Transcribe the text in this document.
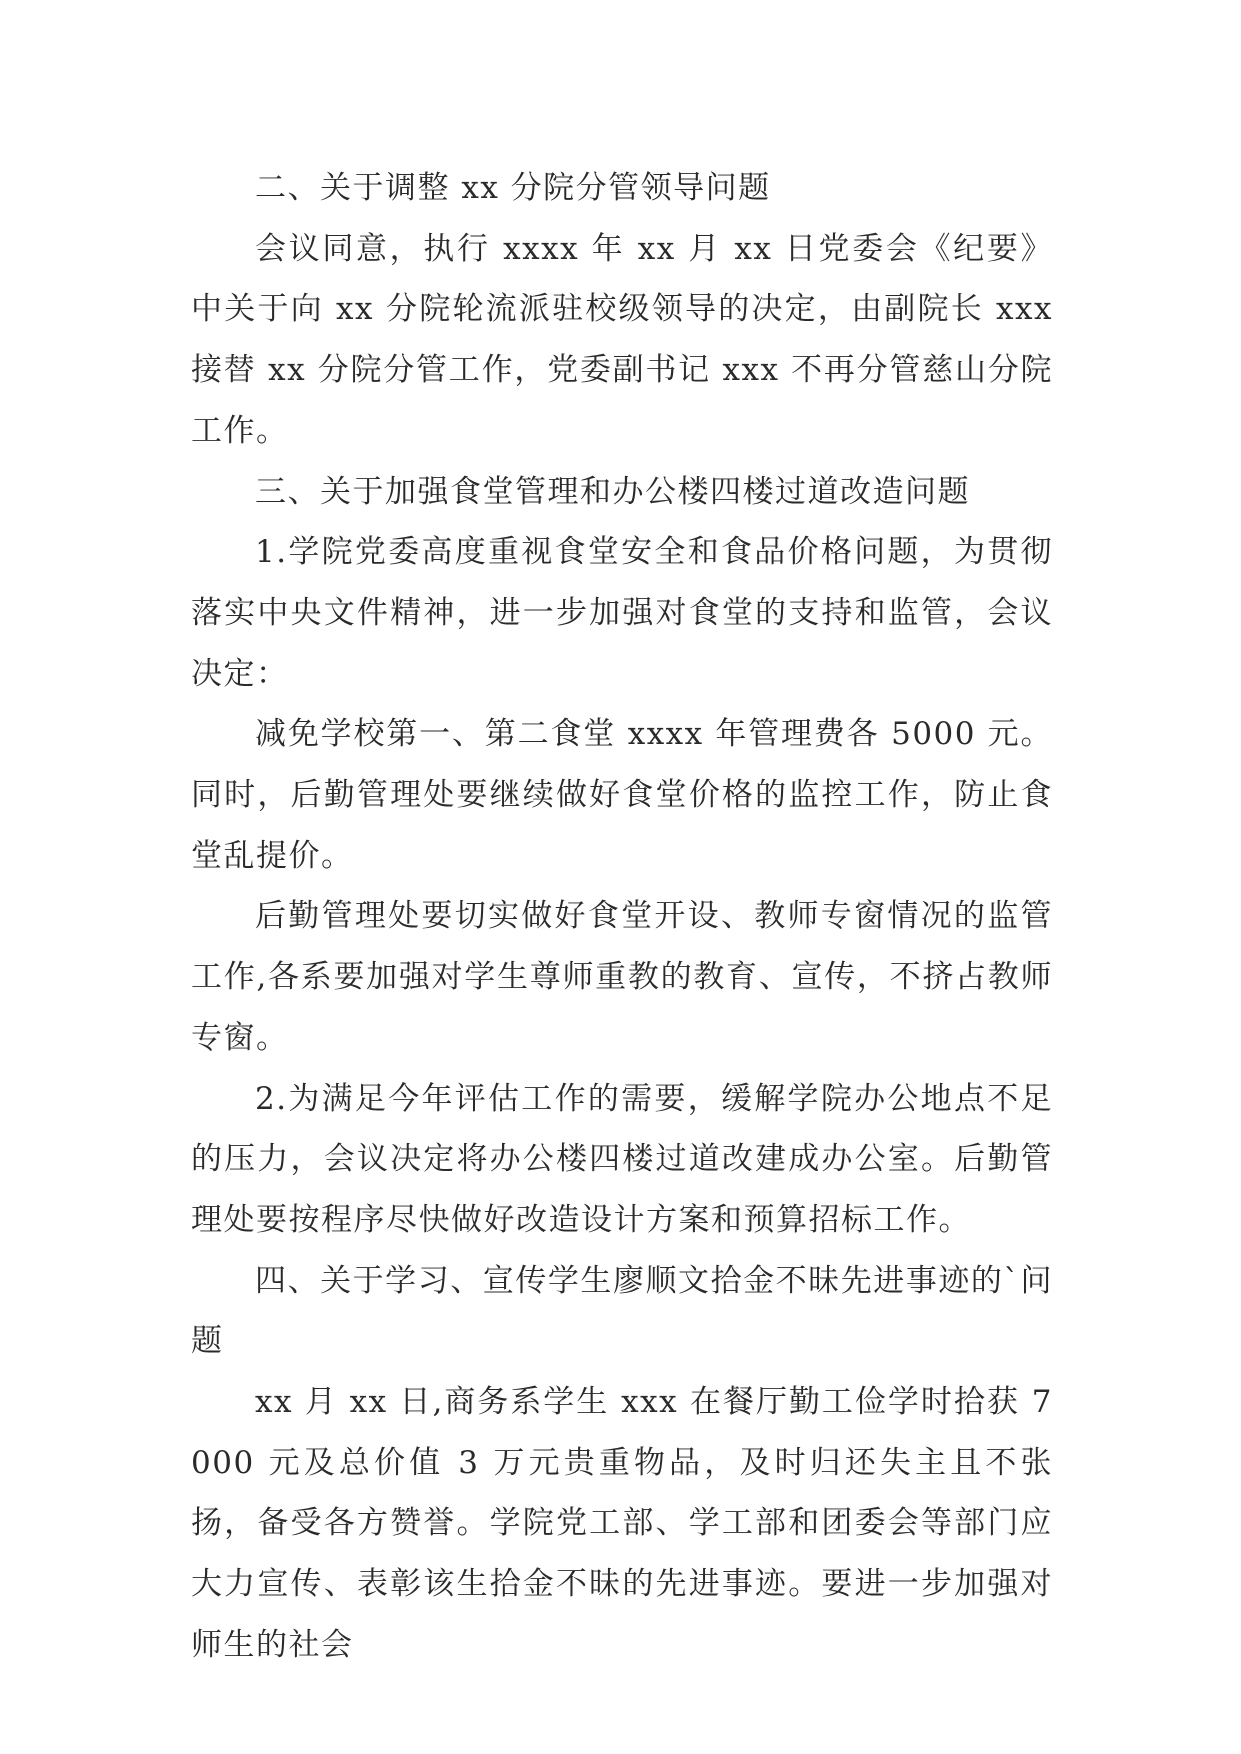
二、关于调整 xx 分院分管领导问题

会议同意，执行 xxxx 年 xx 月 xx 日党委会《纪要》中关于向 xx 分院轮流派驻校级领导的决定，由副院长 xxx 接替 xx 分院分管工作，党委副书记 xxx 不再分管慈山分院工作。

三、关于加强食堂管理和办公楼四楼过道改造问题

1.学院党委高度重视食堂安全和食品价格问题，为贯彻落实中央文件精神，进一步加强对食堂的支持和监管，会议决定：

减免学校第一、第二食堂 xxxx 年管理费各 5000 元。同时，后勤管理处要继续做好食堂价格的监控工作，防止食堂乱提价。

后勤管理处要切实做好食堂开设、教师专窗情况的监管工作,各系要加强对学生尊师重教的教育、宣传，不挤占教师专窗。

2.为满足今年评估工作的需要，缓解学院办公地点不足的压力，会议决定将办公楼四楼过道改建成办公室。后勤管理处要按程序尽快做好改造设计方案和预算招标工作。

四、关于学习、宣传学生廖顺文拾金不昧先进事迹的`问题

xx 月 xx 日,商务系学生 xxx 在餐厅勤工俭学时拾获 7000 元及总价值 3 万元贵重物品，及时归还失主且不张扬，备受各方赞誉。学院党工部、学工部和团委会等部门应大力宣传、表彰该生拾金不昧的先进事迹。要进一步加强对师生的社会
